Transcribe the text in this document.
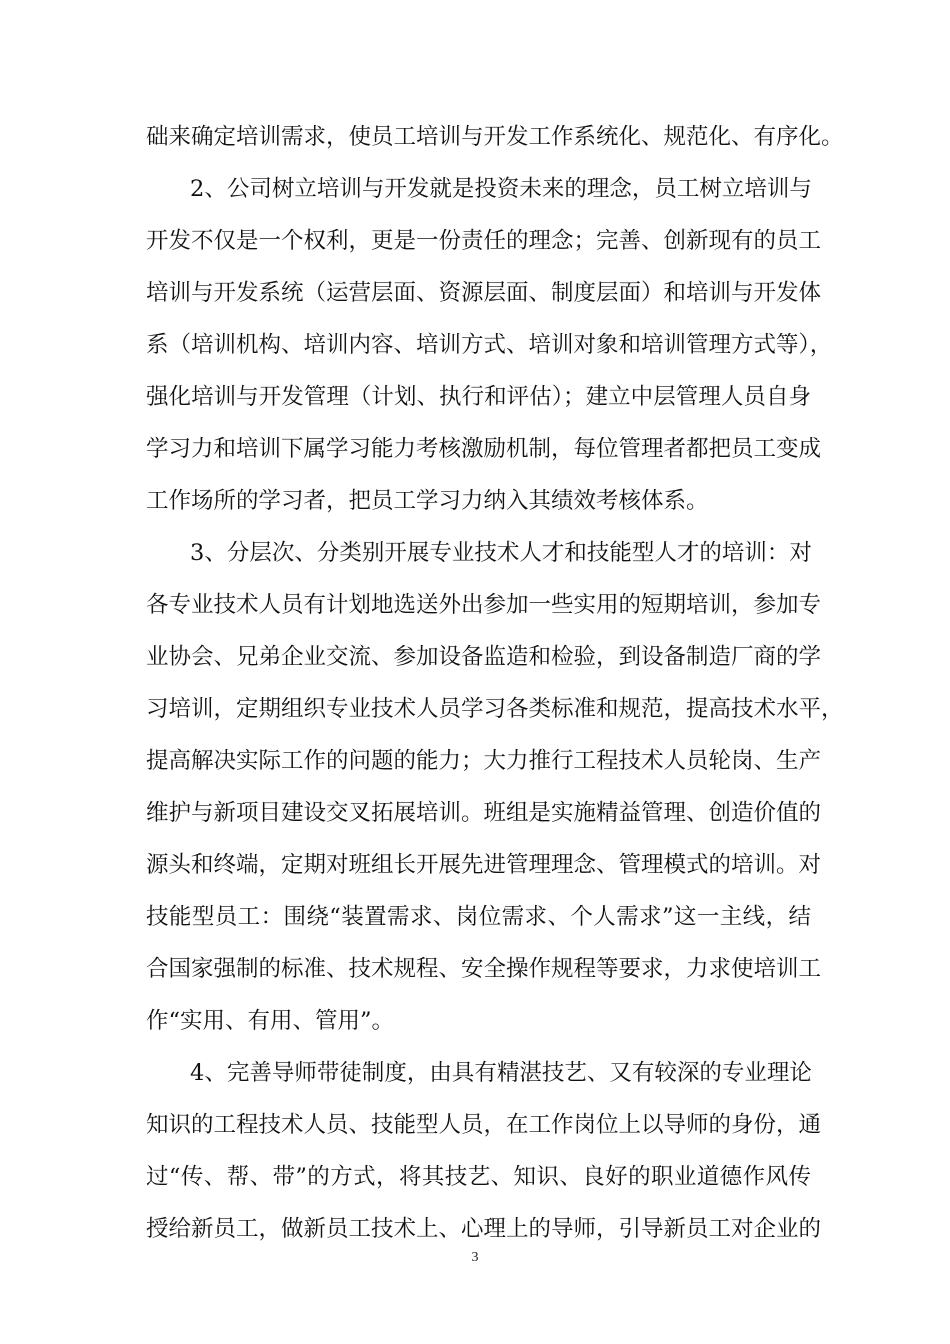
础来确定培训需求，使员工培训与开发工作系统化、规范化、有序化。
2、公司树立培训与开发就是投资未来的理念，员工树立培训与
开发不仅是一个权利，更是一份责任的理念；完善、创新现有的员工
培训与开发系统（运营层面、资源层面、制度层面）和培训与开发体
系（培训机构、培训内容、培训方式、培训对象和培训管理方式等），
强化培训与开发管理（计划、执行和评估）；建立中层管理人员自身
学习力和培训下属学习能力考核激励机制，每位管理者都把员工变成
工作场所的学习者，把员工学习力纳入其绩效考核体系。
3、分层次、分类别开展专业技术人才和技能型人才的培训：对
各专业技术人员有计划地选送外出参加一些实用的短期培训，参加专
业协会、兄弟企业交流、参加设备监造和检验，到设备制造厂商的学
习培训，定期组织专业技术人员学习各类标准和规范，提高技术水平，
提高解决实际工作的问题的能力；大力推行工程技术人员轮岗、生产
维护与新项目建设交叉拓展培训。班组是实施精益管理、创造价值的
源头和终端，定期对班组长开展先进管理理念、管理模式的培训。对
技能型员工：围绕“装置需求、岗位需求、个人需求”这一主线，结
合国家强制的标准、技术规程、安全操作规程等要求，力求使培训工
作“实用、有用、管用”。
4、完善导师带徒制度，由具有精湛技艺、又有较深的专业理论
知识的工程技术人员、技能型人员，在工作岗位上以导师的身份，通
过“传、帮、带”的方式，将其技艺、知识、良好的职业道德作风传
授给新员工，做新员工技术上、心理上的导师，引导新员工对企业的
3
